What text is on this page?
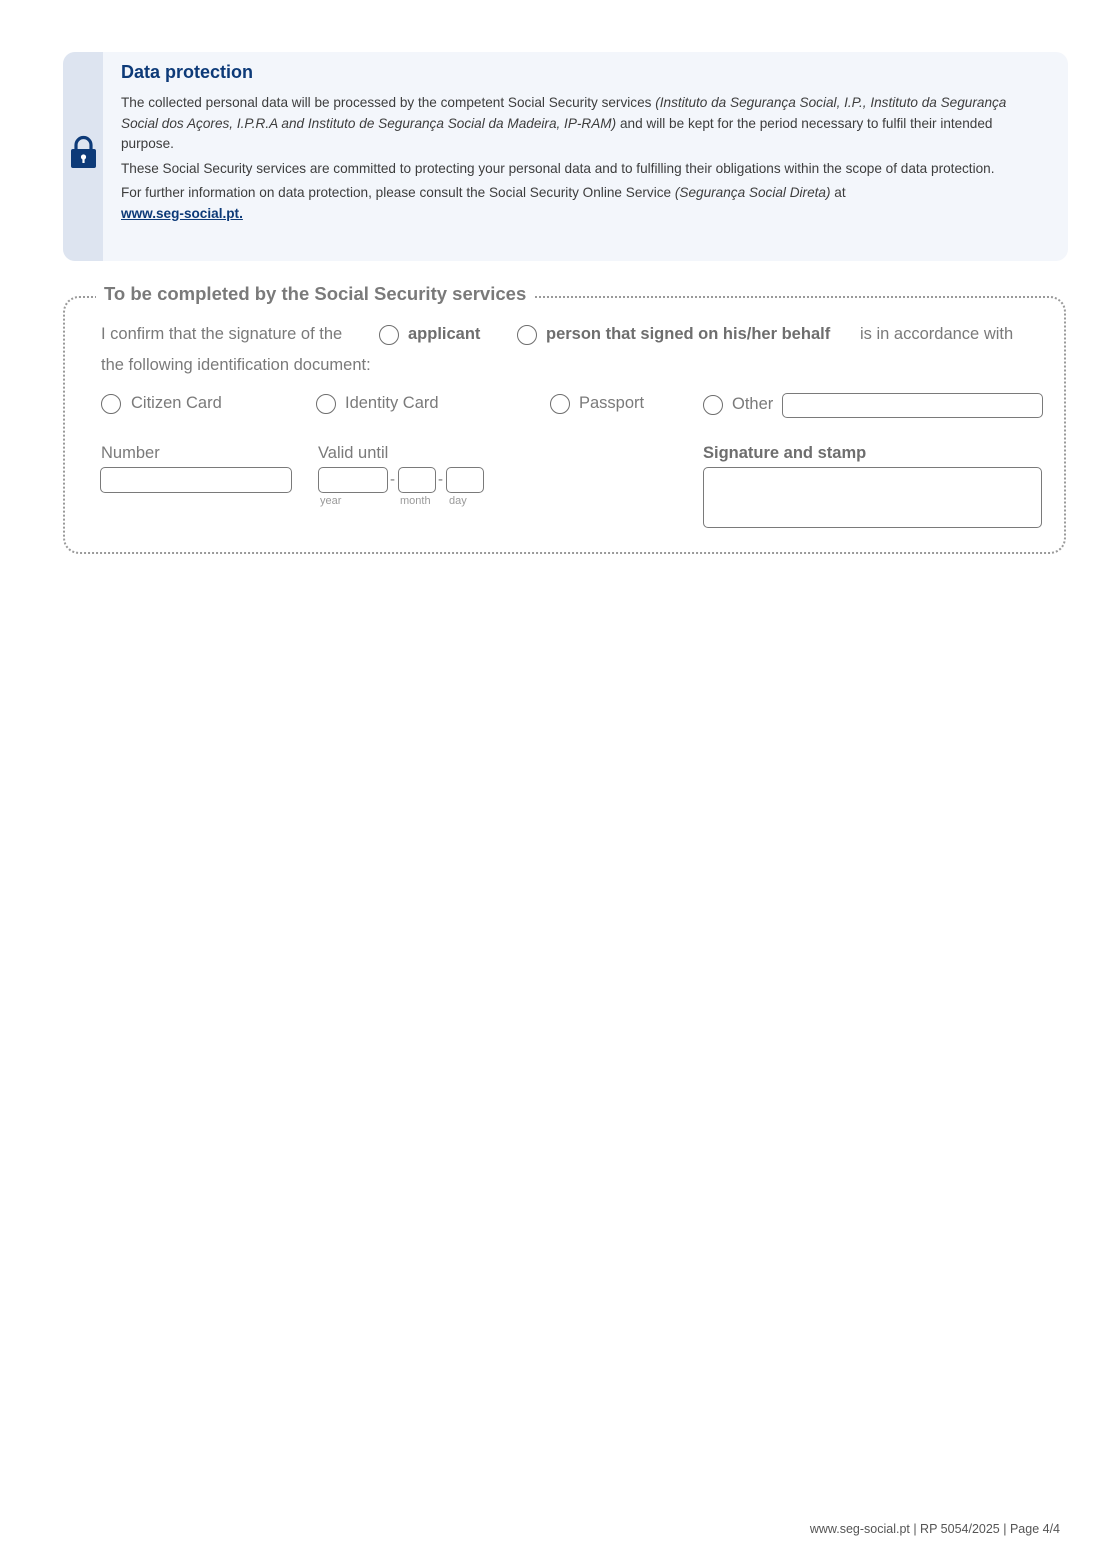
Data protection

The collected personal data will be processed by the competent Social Security services (Instituto da Segurança Social, I.P., Instituto da Segurança Social dos Açores, I.P.R.A and Instituto de Segurança Social da Madeira, IP-RAM) and will be kept for the period necessary to fulfil their intended purpose.

These Social Security services are committed to protecting your personal data and to fulfilling their obligations within the scope of data protection.

For further information on data protection, please consult the Social Security Online Service (Segurança Social Direta) at
www.seg-social.pt.

To be completed by the Social Security services
I confirm that the signature of the	applicant	person that signed on his/her behalf is in accordance with
the following identification document:
Citizen Card	Identity Card	Passport	Other
Number	Valid until
-	-
year	month day
Signature and stamp
www.seg-social.pt | RP 5054/2025 | Page 4/4
